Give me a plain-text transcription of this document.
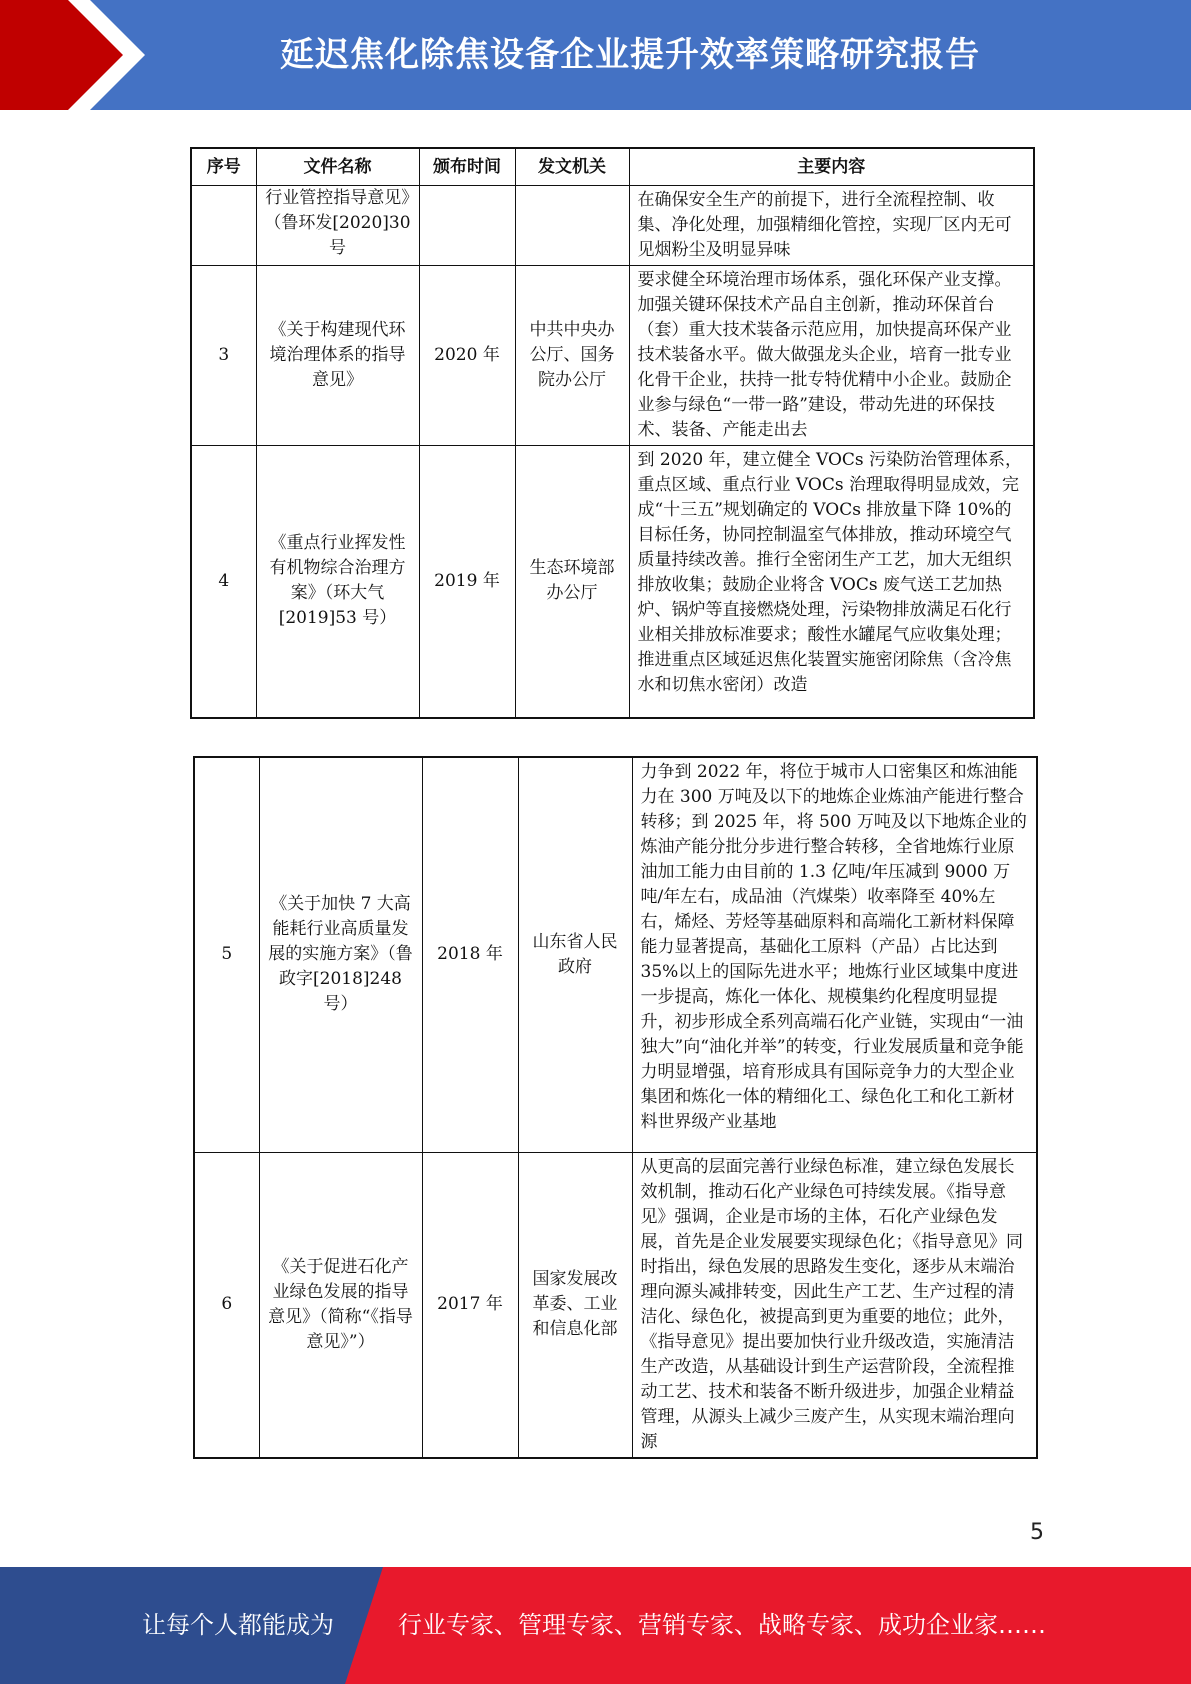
延迟焦化除焦设备企业提升效率策略研究报告
序号	文件名称	颁布时间	发文机关	主要内容
	行业管控指导意见》（鲁环发[2020]30 号			在确保安全生产的前提下，进行全流程控制、收集、净化处理，加强精细化管控，实现厂区内无可见烟粉尘及明显异味
3	《关于构建现代环境治理体系的指导意见》	2020 年	中共中央办公厅、国务院办公厅	要求健全环境治理市场体系，强化环保产业支撑。加强关键环保技术产品自主创新，推动环保首台（套）重大技术装备示范应用，加快提高环保产业技术装备水平。做大做强龙头企业，培育一批专业化骨干企业，扶持一批专特优精中小企业。鼓励企业参与绿色“一带一路”建设，带动先进的环保技术、装备、产能走出去
4	《重点行业挥发性有机物综合治理方案》（环大气[2019]53 号）	2019 年	生态环境部办公厅	到 2020 年，建立健全 VOCs 污染防治管理体系，重点区域、重点行业 VOCs 治理取得明显成效，完成“十三五”规划确定的 VOCs 排放量下降 10%的目标任务，协同控制温室气体排放，推动环境空气质量持续改善。推行全密闭生产工艺，加大无组织排放收集；鼓励企业将含 VOCs 废气送工艺加热炉、锅炉等直接燃烧处理，污染物排放满足石化行业相关排放标准要求；酸性水罐尾气应收集处理；推进重点区域延迟焦化装置实施密闭除焦（含冷焦水和切焦水密闭）改造
5	《关于加快 7 大高能耗行业高质量发展的实施方案》（鲁政字[2018]248 号）	2018 年	山东省人民政府	力争到 2022 年，将位于城市人口密集区和炼油能力在 300 万吨及以下的地炼企业炼油产能进行整合转移；到 2025 年，将 500 万吨及以下地炼企业的炼油产能分批分步进行整合转移，全省地炼行业原油加工能力由目前的 1.3 亿吨/年压减到 9000 万吨/年左右，成品油（汽煤柴）收率降至 40%左右，烯烃、芳烃等基础原料和高端化工新材料保障能力显著提高，基础化工原料（产品）占比达到 35%以上的国际先进水平；地炼行业区域集中度进一步提高，炼化一体化、规模集约化程度明显提升，初步形成全系列高端石化产业链，实现由“一油独大”向“油化并举”的转变，行业发展质量和竞争能力明显增强，培育形成具有国际竞争力的大型企业集团和炼化一体的精细化工、绿色化工和化工新材料世界级产业基地
6	《关于促进石化产业绿色发展的指导意见》（简称“《指导意见》”）	2017 年	国家发展改革委、工业和信息化部	从更高的层面完善行业绿色标准，建立绿色发展长效机制，推动石化产业绿色可持续发展。《指导意见》强调，企业是市场的主体，石化产业绿色发展，首先是企业发展要实现绿色化；《指导意见》同时指出，绿色发展的思路发生变化，逐步从末端治理向源头减排转变，因此生产工艺、生产过程的清洁化、绿色化，被提高到更为重要的地位；此外，《指导意见》提出要加快行业升级改造，实施清洁生产改造，从基础设计到生产运营阶段，全流程推动工艺、技术和装备不断升级进步，加强企业精益管理，从源头上减少三废产生，从实现末端治理向源
5
让每个人都能成为	行业专家、管理专家、营销专家、战略专家、成功企业家……
